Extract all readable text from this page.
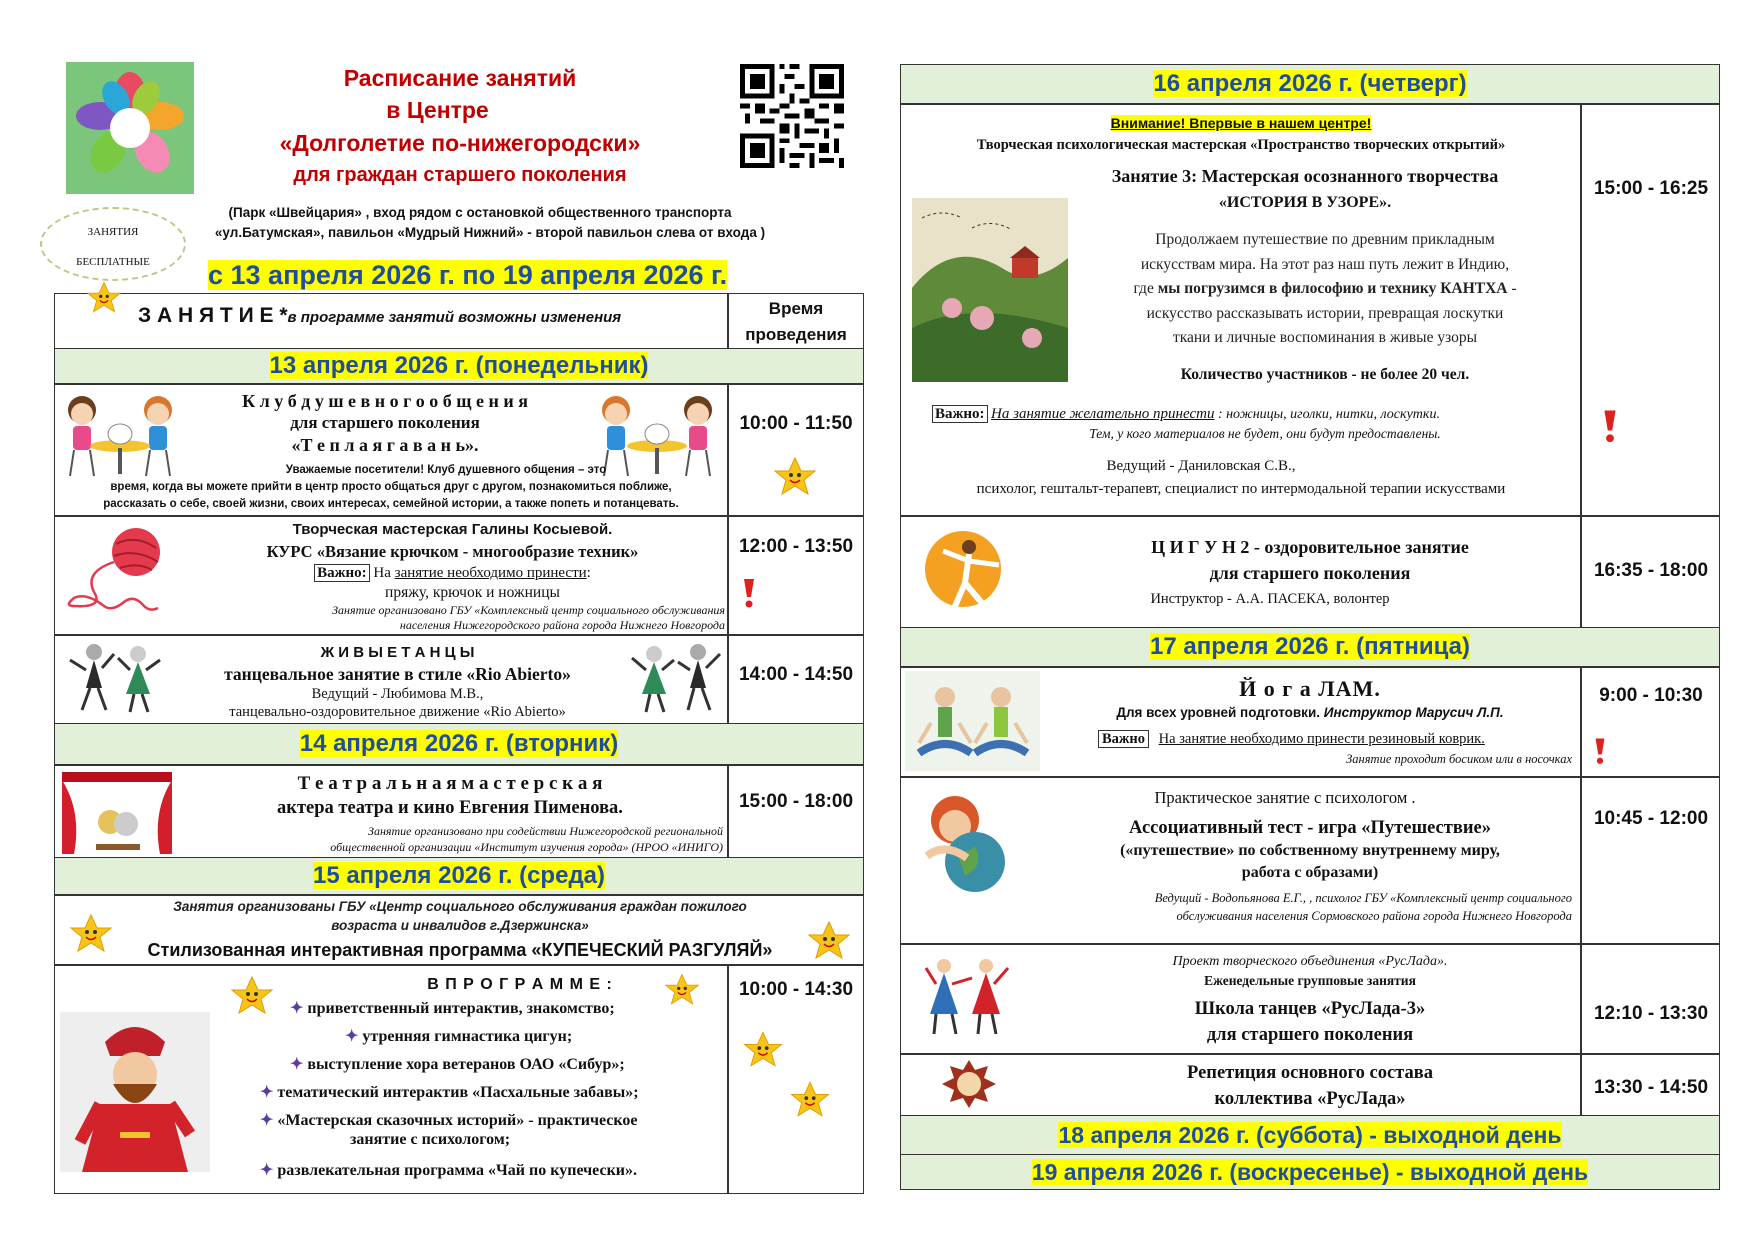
Расписание занятий
в Центре
«Долголетие по-нижегородски»
для граждан старшего поколения
(Парк «Швейцария» , вход рядом с остановкой общественного транспорта
«ул.Батумская», павильон «Мудрый Нижний» - второй павильон слева от входа )
ЗАНЯТИЯ
БЕСПЛАТНЫЕ	с 13 апреля 2026 г. по 19 апреля 2026 г.
З А Н Я Т И Е *в программе занятий возможны изменения	Время
проведения
13 апреля 2026 г. (понедельник)
К л у б д у ш е в н о г о о б щ е н и я
для старшего поколения
«Т е п л а я г а в а н ь».
Уважаемые посетители! Клуб душевного общения – это
время, когда вы можете прийти в центр просто общаться друг с другом, познакомиться поближе,
рассказать о себе, своей жизни, своих интересах, семейной истории, а также попеть и потанцевать.
10:00 - 11:50
Творческая мастерская Галины Косыевой.
КУРС «Вязание крючком - многообразие техник»
Важно: На занятие необходимо принести:
пряжу, крючок и ножницы
Занятие организовано ГБУ «Комплексный центр социального обслуживания
населения Нижегородского района города Нижнего Новгорода
12:00 - 13:50
Ж И В Ы Е Т А Н Ц Ы
танцевальное занятие в стиле «Rio Abierto»
Ведущий - Любимова М.В.,
танцевально-оздоровительное движение «Rio Abierto»
14:00 - 14:50
14 апреля 2026 г. (вторник)
Т е а т р а л ь н а я м а с т е р с к а я
актера театра и кино Евгения Пименова.
Занятие организовано при содействии Нижегородской региональной
общественной организации «Институт изучения города» (НРОО «ИНИГО)
15:00 - 18:00
15 апреля 2026 г. (среда)
Занятия организованы ГБУ «Центр социального обслуживания граждан пожилого
возраста и инвалидов г.Дзержинска»
Стилизованная интерактивная программа «КУПЕЧЕСКИЙ РАЗГУЛЯЙ»
В П Р О Г Р А М М Е :
✦ приветственный интерактив, знакомство;
✦ утренняя гимнастика цигун;
✦ выступление хора ветеранов ОАО «Сибур»;
✦ тематический интерактив «Пасхальные забавы»;
✦ «Мастерская сказочных историй» - практическое
занятие с психологом;
✦ развлекательная программа «Чай по купечески».
10:00 - 14:30
16 апреля 2026 г. (четверг)
Внимание! Впервые в нашем центре!
Творческая психологическая мастерская «Пространство творческих открытий»
Занятие 3: Мастерская осознанного творчества
«ИСТОРИЯ В УЗОРЕ».
Продолжаем путешествие по древним прикладным
искусствам мира. На этот раз наш путь лежит в Индию,
где мы погрузимся в философию и технику КАНТХА -
искусство рассказывать истории, превращая лоскутки
ткани и личные воспоминания в живые узоры
Количество участников - не более 20 чел.
Важно: На занятие желательно принести : ножницы, иголки, нитки, лоскутки.
Тем, у кого материалов не будет, они будут предоставлены.
Ведущий - Даниловская С.В.,
психолог, гештальт-терапевт, специалист по интермодальной терапии искусствами
15:00 - 16:25
Ц И Г У Н 2 - оздоровительное занятие
для старшего поколения
Инструктор - А.А. ПАСЕКА, волонтер
16:35 - 18:00
17 апреля 2026 г. (пятница)
Й о г а ЛАМ.
Для всех уровней подготовки. Инструктор Марусич Л.П.
Важно На занятие необходимо принести резиновый коврик.
Занятие проходит босиком или в носочках
9:00 - 10:30
Практическое занятие с психологом .
Ассоциативный тест - игра «Путешествие»
(«путешествие» по собственному внутреннему миру,
работа с образами)
Ведущий - Водопьянова Е.Г., , психолог ГБУ «Комплексный центр социального
обслуживания населения Сормовского района города Нижнего Новгорода
10:45 - 12:00
Проект творческого объединения «РусЛада».
Еженедельные групповые занятия
Школа танцев «РусЛада-3»
для старшего поколения
12:10 - 13:30
Репетиция основного состава
коллектива «РусЛада»
13:30 - 14:50
18 апреля 2026 г. (суббота) - выходной день
19 апреля 2026 г. (воскресенье) - выходной день
